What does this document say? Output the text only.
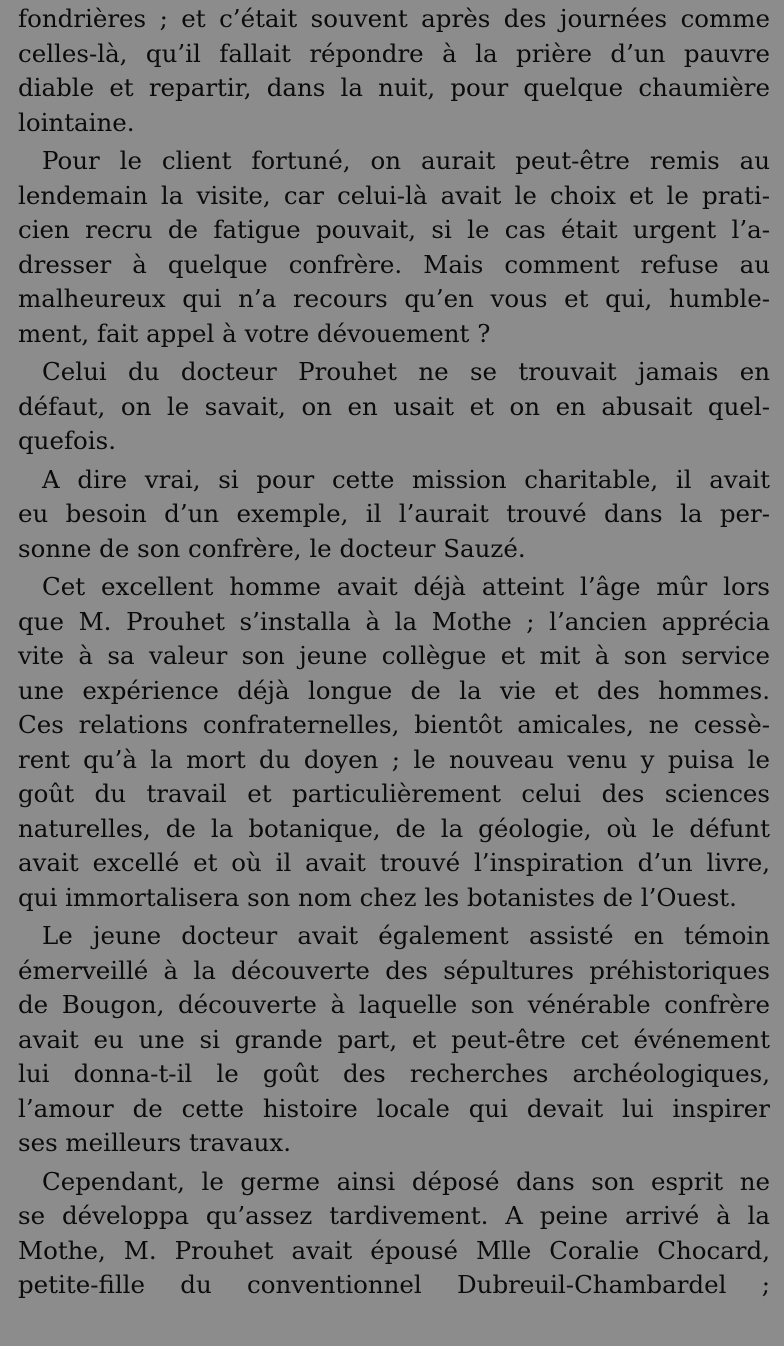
fondrières ; et c’était souvent après des journées comme
celles-là, qu’il fallait répondre à la prière d’un pauvre
diable et repartir, dans la nuit, pour quelque chaumière
lointaine.
Pour le client fortuné, on aurait peut-être remis au
lendemain la visite, car celui-là avait le choix et le prati-
cien recru de fatigue pouvait, si le cas était urgent l’a-
dresser à quelque confrère. Mais comment refuse au
malheureux qui n’a recours qu’en vous et qui, humble-
ment, fait appel à votre dévouement ?
Celui du docteur Prouhet ne se trouvait jamais en
défaut, on le savait, on en usait et on en abusait quel-
quefois.
A dire vrai, si pour cette mission charitable, il avait
eu besoin d’un exemple, il l’aurait trouvé dans la per-
sonne de son confrère, le docteur Sauzé.
Cet excellent homme avait déjà atteint l’âge mûr lors
que M. Prouhet s’installa à la Mothe ; l’ancien apprécia
vite à sa valeur son jeune collègue et mit à son service
une expérience déjà longue de la vie et des hommes.
Ces relations confraternelles, bientôt amicales, ne cessè-
rent qu’à la mort du doyen ; le nouveau venu y puisa le
goût du travail et particulièrement celui des sciences
naturelles, de la botanique, de la géologie, où le défunt
avait excellé et où il avait trouvé l’inspiration d’un livre,
qui immortalisera son nom chez les botanistes de l’Ouest.
Le jeune docteur avait également assisté en témoin
émerveillé à la découverte des sépultures préhistoriques
de Bougon, découverte à laquelle son vénérable confrère
avait eu une si grande part, et peut-être cet événement
lui donna-t-il le goût des recherches archéologiques,
l’amour de cette histoire locale qui devait lui inspirer
ses meilleurs travaux.
Cependant, le germe ainsi déposé dans son esprit ne
se développa qu’assez tardivement. A peine arrivé à la
Mothe, M. Prouhet avait épousé Mlle Coralie Chocard,
petite-fille du conventionnel Dubreuil-Chambardel ;
